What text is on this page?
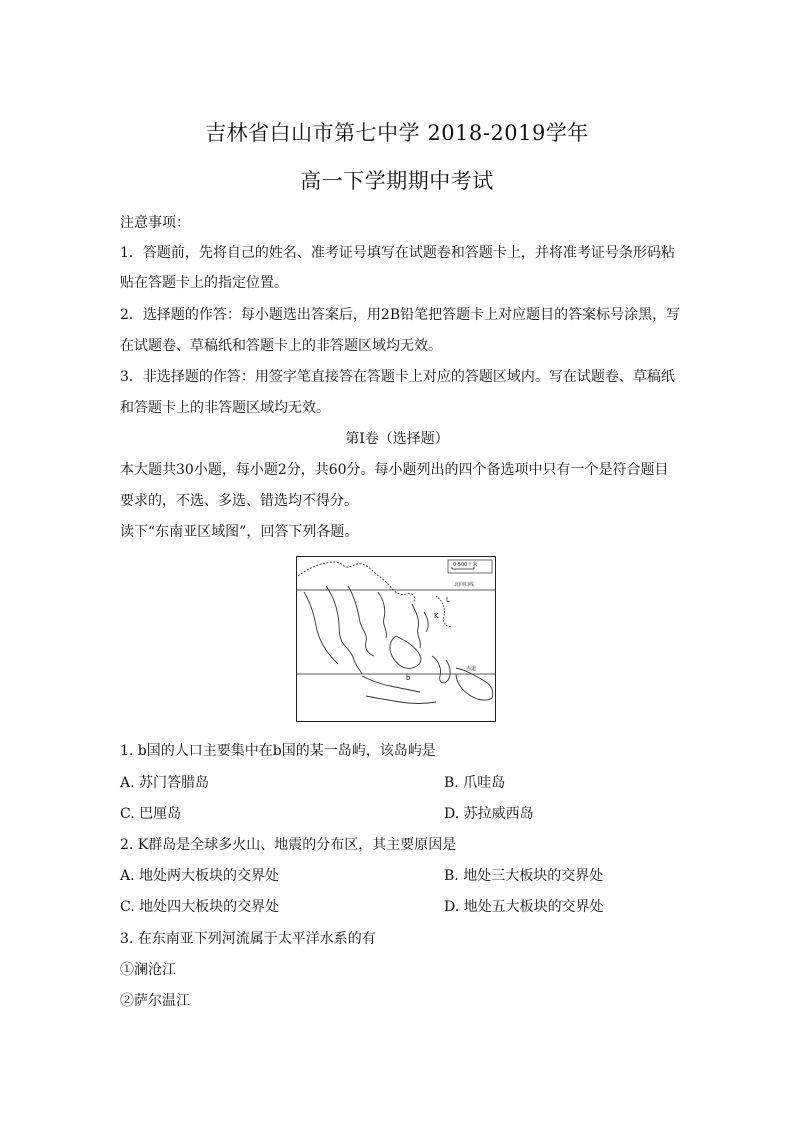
吉林省白山市第七中学 2018-2019学年
高一下学期期中考试
注意事项：
1．答题前，先将自己的姓名、准考证号填写在试题卷和答题卡上，并将准考证号条形码粘
贴在答题卡上的指定位置。
2．选择题的作答：每小题选出答案后，用2B铅笔把答题卡上对应题目的答案标号涂黑，写
在试题卷、草稿纸和答题卡上的非答题区域均无效。
3．非选择题的作答：用签字笔直接答在答题卡上对应的答题区域内。写在试题卷、草稿纸
和答题卡上的非答题区域均无效。
第Ⅰ卷（选择题）
本大题共30小题，每小题2分，共60分。每小题列出的四个备选项中只有一个是符合题目
要求的，不选、多选、错选均不得分。
读下“东南亚区域图”，回答下列各题。
0 500千米
北回归线
赤道
L
K
b
1. b国的人口主要集中在b国的某一岛屿，该岛屿是
A. 苏门答腊岛	B. 爪哇岛
C. 巴厘岛	D. 苏拉威西岛
2. K群岛是全球多火山、地震的分布区，其主要原因是
A. 地处两大板块的交界处	B. 地处三大板块的交界处
C. 地处四大板块的交界处	D. 地处五大板块的交界处
3. 在东南亚下列河流属于太平洋水系的有
①澜沧江
②萨尔温江
